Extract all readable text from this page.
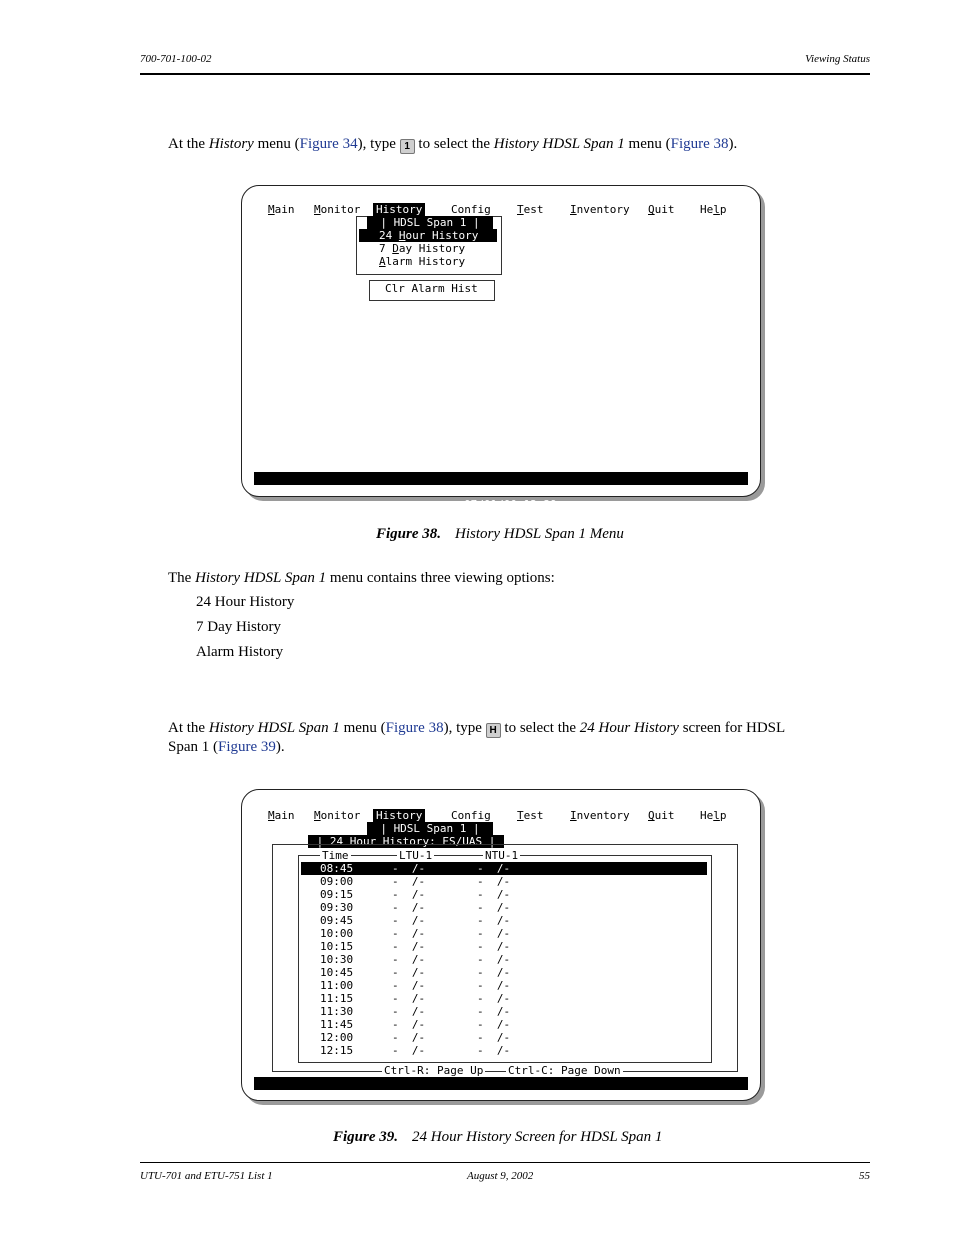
700-701-100-02	Viewing Status
At the History menu (Figure 34), type 1 to select the History HDSL Span 1 menu (Figure 38).

Main

Monitor

History

	Config

Test

Inventory

Quit

Help

| HDSL Span 1 |

24 Hour History

7 Day History

Alarm History

Clr Alarm Hist

ID: PairGain

07/01/00 12:39

LTU

NORMAL

Figure 38. History HDSL Span 1 Menu
The History HDSL Span 1 menu contains three viewing options:
24 Hour History
7 Day History
Alarm History
At the History HDSL Span 1 menu (Figure 38), type H to select the 24 Hour History screen for HDSL
Span 1 (Figure 39).

Main

Monitor

History

	Config

Test

Inventory

Quit

Help

| HDSL Span 1 |

| 24 Hour History: ES/UAS |

Time

	LTU-1

	NTU-1

08:45	-  /-	-  /-
09:00	-  /-	-  /-
09:15	-  /-	-  /-
09:30	-  /-	-  /-
09:45	-  /-	-  /-
10:00	-  /-	-  /-
10:15	-  /-	-  /-
10:30	-  /-	-  /-
10:45	-  /-	-  /-
11:00	-  /-	-  /-
11:15	-  /-	-  /-
11:30	-  /-	-  /-
11:45	-  /-	-  /-
12:00	-  /-	-  /-
12:15	-  /-	-  /-

Ctrl-R: Page Up

Ctrl-C: Page Down

ID: PairGain

07/01/00 12:43

LTU

NORMAL

Figure 39. 24 Hour History Screen for HDSL Span 1
UTU-701 and ETU-751 List 1	August 9, 2002	55
